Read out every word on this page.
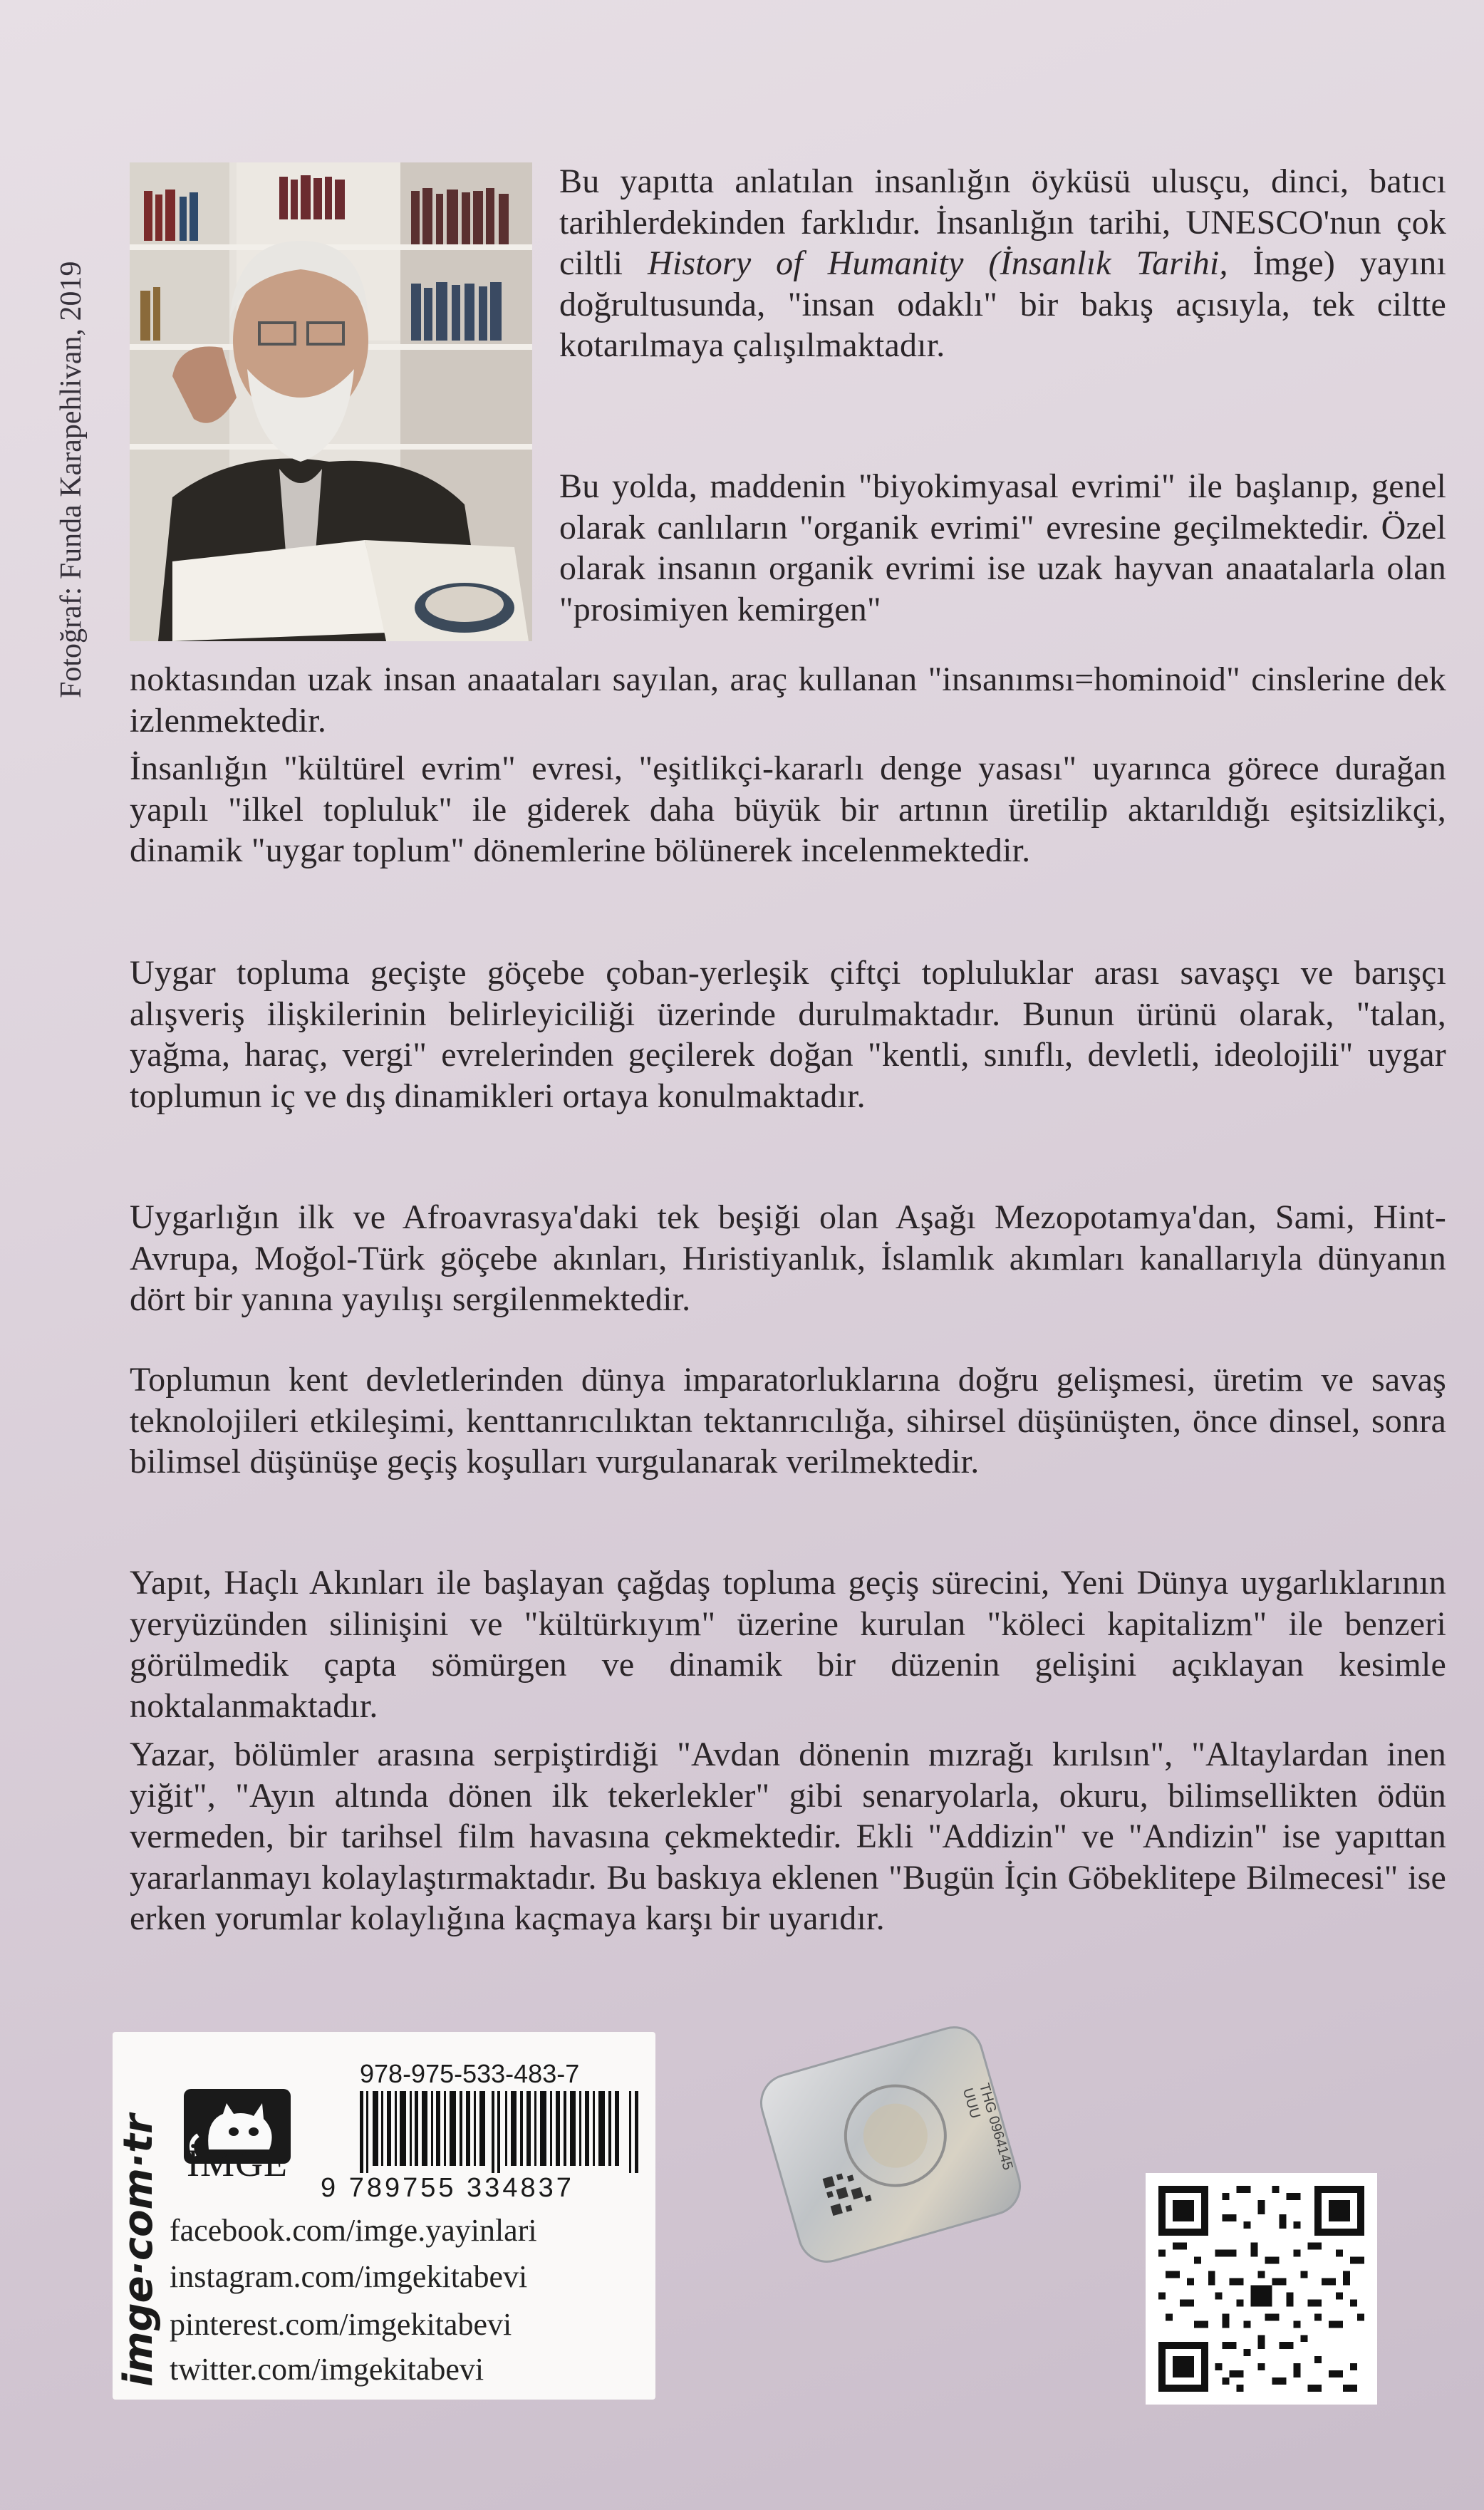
Fotoğraf: Funda Karapehlivan, 2019

Bu yapıtta anlatılan insanlığın öyküsü ulusçu, dinci, batıcı tarihlerdekinden farklıdır. İnsanlığın tarihi, UNESCO'nun çok ciltli History of Humanity (İnsanlık Tarihi, İmge) yayını doğrultusunda, "insan odaklı" bir bakış açısıyla, tek ciltte kotarılmaya çalışılmaktadır.

Bu yolda, maddenin "biyokimyasal evrimi" ile başlanıp, genel olarak canlıların "organik evrimi" evresine geçilmektedir. Özel olarak insanın organik evrimi ise uzak hayvan anaatalarla olan "prosimiyen kemirgen"

noktasından uzak insan anaataları sayılan, araç kullanan "insanımsı=hominoid" cinslerine dek izlenmektedir.

İnsanlığın "kültürel evrim" evresi, "eşitlikçi-kararlı denge yasası" uyarınca görece durağan yapılı "ilkel topluluk" ile giderek daha büyük bir artının üretilip aktarıldığı eşitsizlikçi, dinamik "uygar toplum" dönemlerine bölünerek incelenmektedir.

Uygar topluma geçişte göçebe çoban-yerleşik çiftçi topluluklar arası savaşçı ve barışçı alışveriş ilişkilerinin belirleyiciliği üzerinde durulmaktadır. Bunun ürünü olarak, "talan, yağma, haraç, vergi" evrelerinden geçilerek doğan "kentli, sınıflı, devletli, ideolojili" uygar toplumun iç ve dış dinamikleri ortaya konulmaktadır.

Uygarlığın ilk ve Afroavrasya'daki tek beşiği olan Aşağı Mezopotamya'dan, Sami, Hint-Avrupa, Moğol-Türk göçebe akınları, Hıristiyanlık, İslamlık akımları kanallarıyla dünyanın dört bir yanına yayılışı sergilenmektedir.

Toplumun kent devletlerinden dünya imparatorluklarına doğru gelişmesi, üretim ve savaş teknolojileri etkileşimi, kenttanrıcılıktan tektanrıcılığa, sihirsel düşünüşten, önce dinsel, sonra bilimsel düşünüşe geçiş koşulları vurgulanarak verilmektedir.

Yapıt, Haçlı Akınları ile başlayan çağdaş topluma geçiş sürecini, Yeni Dünya uygarlıklarının yeryüzünden silinişini ve "kültürkıyım" üzerine kurulan "köleci kapitalizm" ile benzeri görülmedik çapta sömürgen ve dinamik bir düzenin gelişini açıklayan kesimle noktalanmaktadır.

Yazar, bölümler arasına serpiştirdiği "Avdan dönenin mızrağı kırılsın", "Altaylardan inen yiğit", "Ayın altında dönen ilk tekerlekler" gibi senaryolarla, okuru, bilimsellikten ödün vermeden, bir tarihsel film havasına çekmektedir. Ekli "Addizin" ve "Andizin" ise yapıttan yararlanmayı kolaylaştırmaktadır. Bu baskıya eklenen "Bugün İçin Göbeklitepe Bilmecesi" ise erken yorumlar kolaylığına kaçmaya karşı bir uyarıdır.

imge·com·tr İMGE
978-975-533-483-7
9 789755 334837
facebook.com/imge.yayinlari
instagram.com/imgekitabevi
pinterest.com/imgekitabevi
twitter.com/imgekitabevi
THG 0964145 UUU
